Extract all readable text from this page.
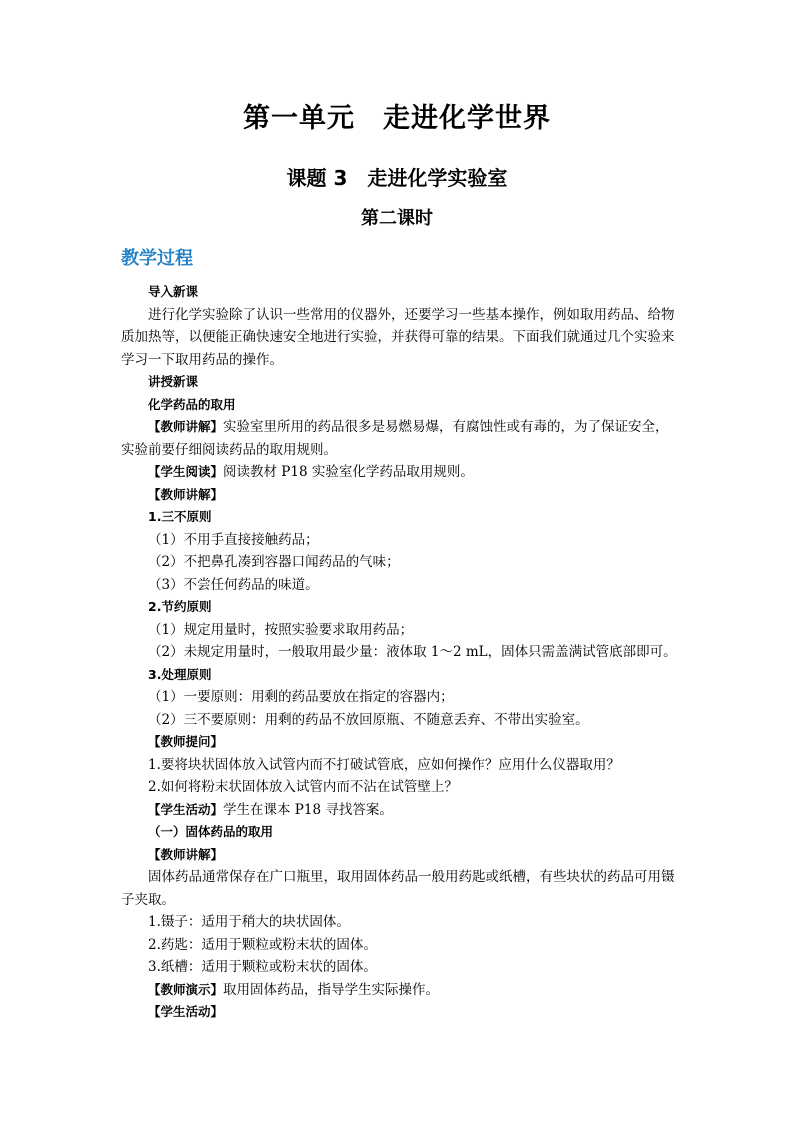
第一单元　走进化学世界
课题 3　走进化学实验室
第二课时
教学过程

导入新课

进行化学实验除了认识一些常用的仪器外，还要学习一些基本操作，例如取用药品、给物质加热等，以便能正确快速安全地进行实验，并获得可靠的结果。下面我们就通过几个实验来学习一下取用药品的操作。

讲授新课

化学药品的取用

【教师讲解】实验室里所用的药品很多是易燃易爆，有腐蚀性或有毒的，为了保证安全，实验前要仔细阅读药品的取用规则。

【学生阅读】阅读教材 P18 实验室化学药品取用规则。

【教师讲解】

1.三不原则

（1）不用手直接接触药品；

（2）不把鼻孔凑到容器口闻药品的气味；

（3）不尝任何药品的味道。

2.节约原则

（1）规定用量时，按照实验要求取用药品；

（2）未规定用量时，一般取用最少量：液体取 1～2 mL，固体只需盖满试管底部即可。

3.处理原则

（1）一要原则：用剩的药品要放在指定的容器内；

（2）三不要原则：用剩的药品不放回原瓶、不随意丢弃、不带出实验室。

【教师提问】

1.要将块状固体放入试管内而不打破试管底，应如何操作？应用什么仪器取用？

2.如何将粉末状固体放入试管内而不沾在试管壁上？

【学生活动】学生在课本 P18 寻找答案。

（一）固体药品的取用

【教师讲解】

固体药品通常保存在广口瓶里，取用固体药品一般用药匙或纸槽，有些块状的药品可用镊子夹取。

1.镊子：适用于稍大的块状固体。

2.药匙：适用于颗粒或粉末状的固体。

3.纸槽：适用于颗粒或粉末状的固体。

【教师演示】取用固体药品，指导学生实际操作。

【学生活动】
